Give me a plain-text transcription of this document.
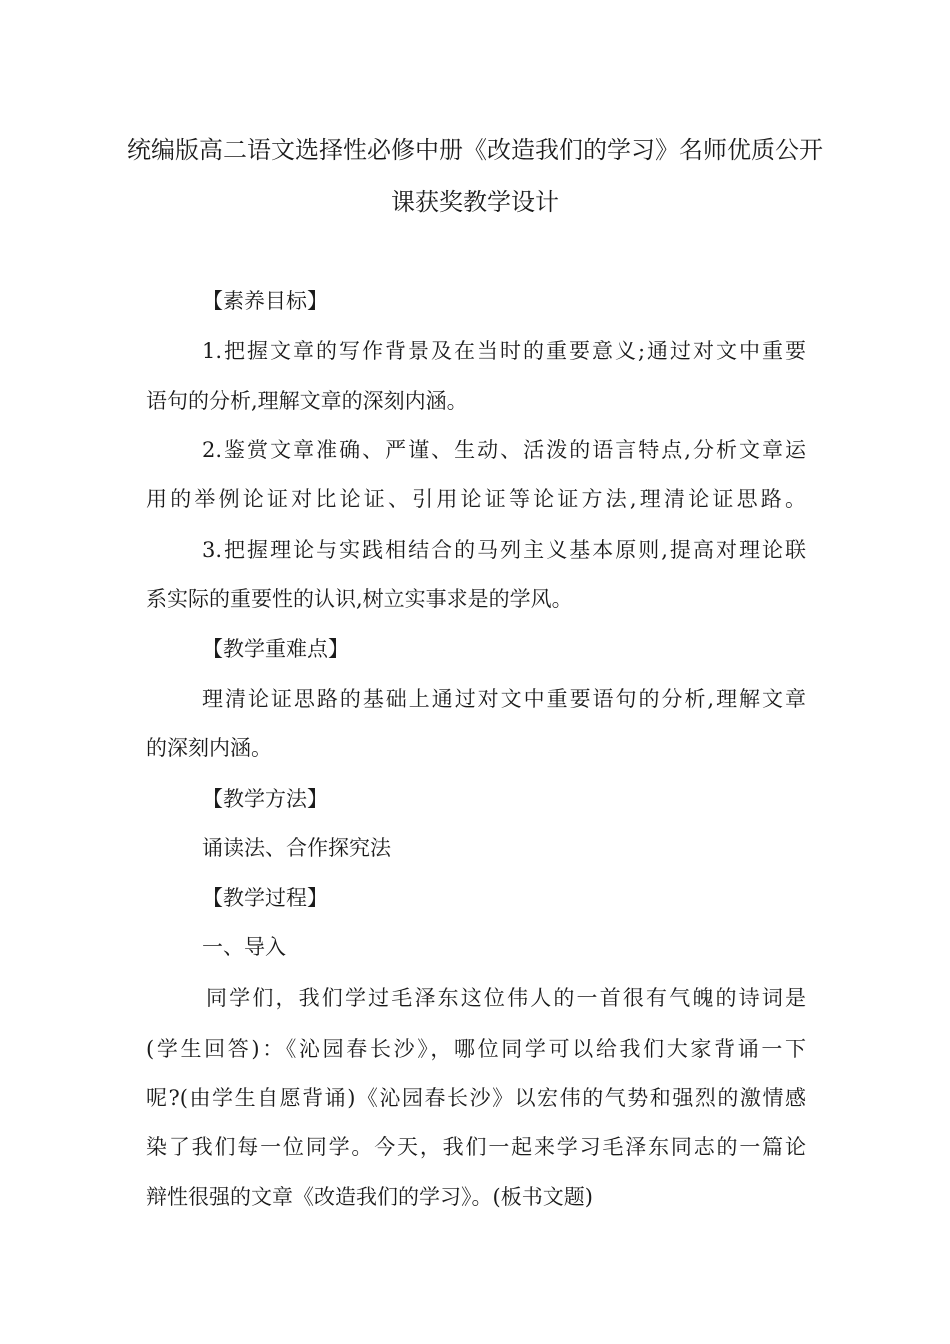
统编版高二语文选择性必修中册《改造我们的学习》名师优质公开
课获奖教学设计
【素养目标】
1.把握文章的写作背景及在当时的重要意义;通过对文中重要
语句的分析,理解文章的深刻内涵。
2.鉴赏文章准确、严谨、生动、活泼的语言特点,分析文章运
用的举例论证对比论证、引用论证等论证方法,理清论证思路。
3.把握理论与实践相结合的马列主义基本原则,提高对理论联
系实际的重要性的认识,树立实事求是的学风。
【教学重难点】
理清论证思路的基础上通过对文中重要语句的分析,理解文章
的深刻内涵。
【教学方法】
诵读法、合作探究法
【教学过程】
一、导入
同学们，我们学过毛泽东这位伟人的一首很有气魄的诗词是
(学生回答)：《沁园春长沙》，哪位同学可以给我们大家背诵一下
呢?(由学生自愿背诵)《沁园春长沙》以宏伟的气势和强烈的激情感
染了我们每一位同学。今天，我们一起来学习毛泽东同志的一篇论
辩性很强的文章《改造我们的学习》。(板书文题)
